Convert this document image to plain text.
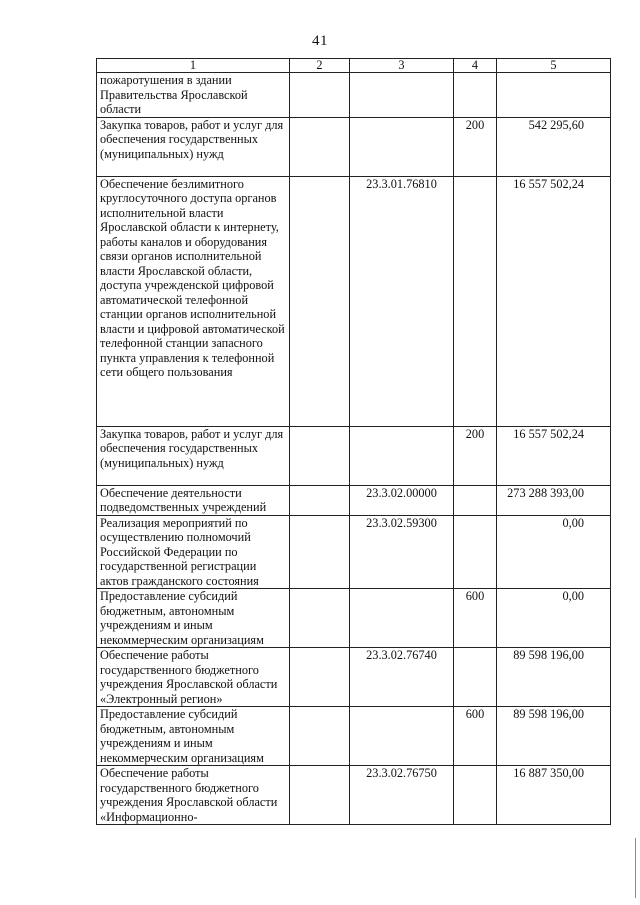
41
1	2	3	4	5
пожаротушения в здании Правительства Ярославской области				
Закупка товаров, работ и услуг для обеспечения государственных (муниципальных) нужд			200	542 295,60
Обеспечение безлимитного круглосуточного доступа органов исполнительной власти Ярославской области к интернету, работы каналов и оборудования связи органов исполнительной власти Ярославской области, доступа учрежденской цифровой автоматической телефонной станции органов исполнительной власти и цифровой автоматической телефонной станции запасного пункта управления к телефонной сети общего пользования		23.3.01.76810		16 557 502,24
Закупка товаров, работ и услуг для обеспечения государственных (муниципальных) нужд			200	16 557 502,24
Обеспечение деятельности подведомственных учреждений		23.3.02.00000		273 288 393,00
Реализация мероприятий по осуществлению полномочий Российской Федерации по государственной регистрации актов гражданского состояния		23.3.02.59300		0,00
Предоставление субсидий бюджетным, автономным учреждениям и иным некоммерческим организациям			600	0,00
Обеспечение работы государственного бюджетного учреждения Ярославской области «Электронный регион»		23.3.02.76740		89 598 196,00
Предоставление субсидий бюджетным, автономным учреждениям и иным некоммерческим организациям			600	89 598 196,00
Обеспечение работы государственного бюджетного учреждения Ярославской области «Информационно-		23.3.02.76750		16 887 350,00
